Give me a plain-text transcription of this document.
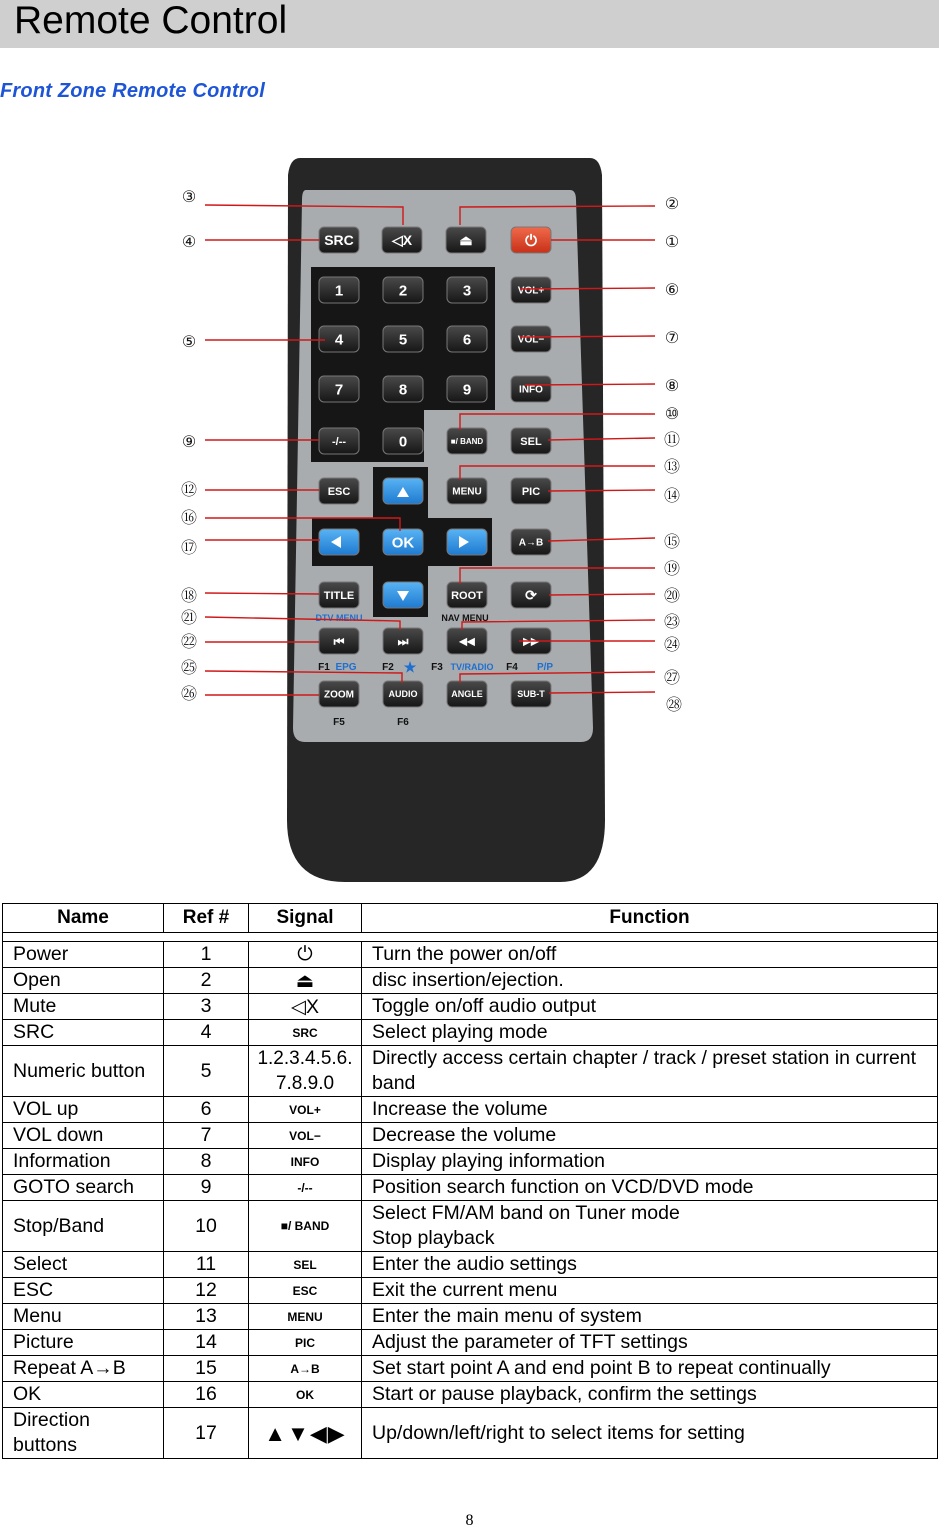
Remote Control
Front Zone Remote Control
SRC	◁X	⏏	⏻
1	2	3	VOL+
4	5	6	VOL−
7	8	9	INFO
-/--	0	■/ BAND	SEL
ESC	MENU	PIC
OK	A→B
TITLE	ROOT	⟳
⏮	⏭	◀◀	▶▶
ZOOM	AUDIO	ANGLE	SUB-T
DTV MENU	NAV MENU
F1 EPG	F2 ★ F3 TV/RADIO F4 P/P
F5	F6
①
②
③
④
⑤
⑥
⑦
⑧
⑨
⑩
⑪
⑫
⑬
⑭
⑮
⑯
⑰
⑱
⑲
⑳
㉑
㉒
㉓
㉔
㉕
㉖
㉗
㉘
Name	Ref #	Signal	Function

Power	1	⏻	Turn the power on/off
Open	2	⏏	disc insertion/ejection.
Mute	3	◁X	Toggle on/off audio output
SRC	4	SRC	Select playing mode
Numeric button	5	1.2.3.4.5.6.7.8.9.0	Directly access certain chapter / track / preset station in current band
VOL up	6	VOL+	Increase the volume
VOL down	7	VOL−	Decrease the volume
Information	8	INFO	Display playing information
GOTO search	9	-/--	Position search function on VCD/DVD mode
Stop/Band	10	■/ BAND	Select FM/AM band on Tuner mode
Stop playback
Select	11	SEL	Enter the audio settings
ESC	12	ESC	Exit the current menu
Menu	13	MENU	Enter the main menu of system
Picture	14	PIC	Adjust the parameter of TFT settings
Repeat A→B	15	A→B	Set start point A and end point B to repeat continually
OK	16	OK	Start or pause playback, confirm the settings
Direction buttons	17	▲▼◀▶	Up/down/left/right to select items for setting
8
